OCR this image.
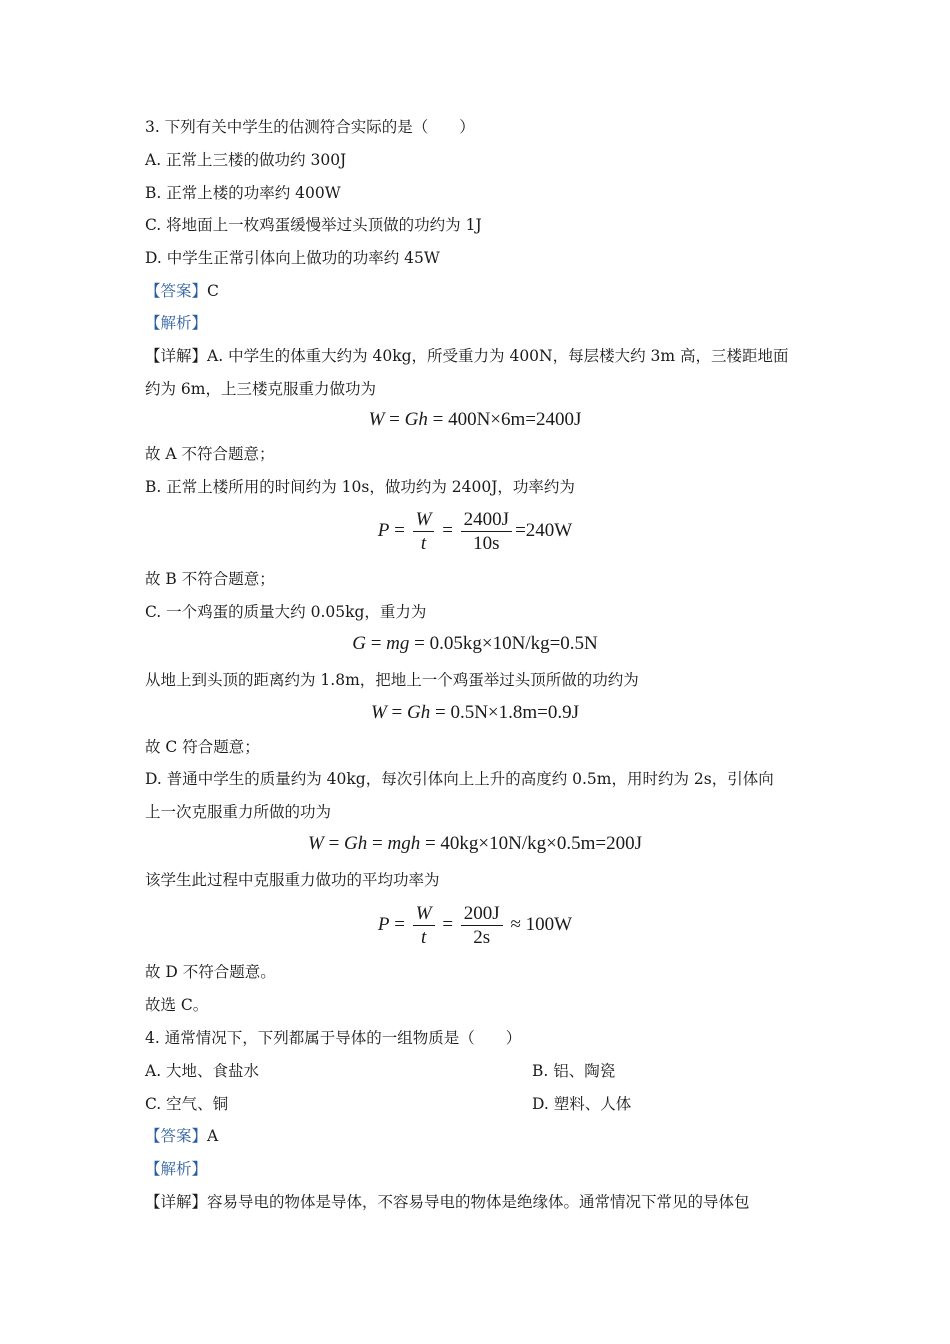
3. 下列有关中学生的估测符合实际的是（　　）
A. 正常上三楼的做功约 300J
B. 正常上楼的功率约 400W
C. 将地面上一枚鸡蛋缓慢举过头顶做的功约为 1J
D. 中学生正常引体向上做功的功率约 45W
【答案】C
【解析】
【详解】A. 中学生的体重大约为 40kg，所受重力为 400N，每层楼大约 3m 高，三楼距地面
约为 6m，上三楼克服重力做功为
W = Gh = 400N×6m=2400J
故 A 不符合题意；
B. 正常上楼所用的时间约为 10s，做功约为 2400J，功率约为
$P = \frac{W}{t} = \frac{2400J}{10s} =240W$
故 B 不符合题意；
C. 一个鸡蛋的质量大约 0.05kg，重力为
G = mg = 0.05kg×10N/kg=0.5N
从地上到头顶的距离约为 1.8m，把地上一个鸡蛋举过头顶所做的功约为
W = Gh = 0.5N×1.8m=0.9J
故 C 符合题意；
D. 普通中学生的质量约为 40kg，每次引体向上上升的高度约 0.5m，用时约为 2s，引体向
上一次克服重力所做的功为
W = Gh = mgh = 40kg×10N/kg×0.5m=200J
该学生此过程中克服重力做功的平均功率为
$P = \frac{W}{t} = \frac{200J}{2s} \approx 100W$
故 D 不符合题意。
故选 C。
4. 通常情况下，下列都属于导体的一组物质是（　　）
A. 大地、食盐水	B. 铝、陶瓷
C. 空气、铜	D. 塑料、人体
【答案】A
【解析】
【详解】容易导电的物体是导体，不容易导电的物体是绝缘体。通常情况下常见的导体包
